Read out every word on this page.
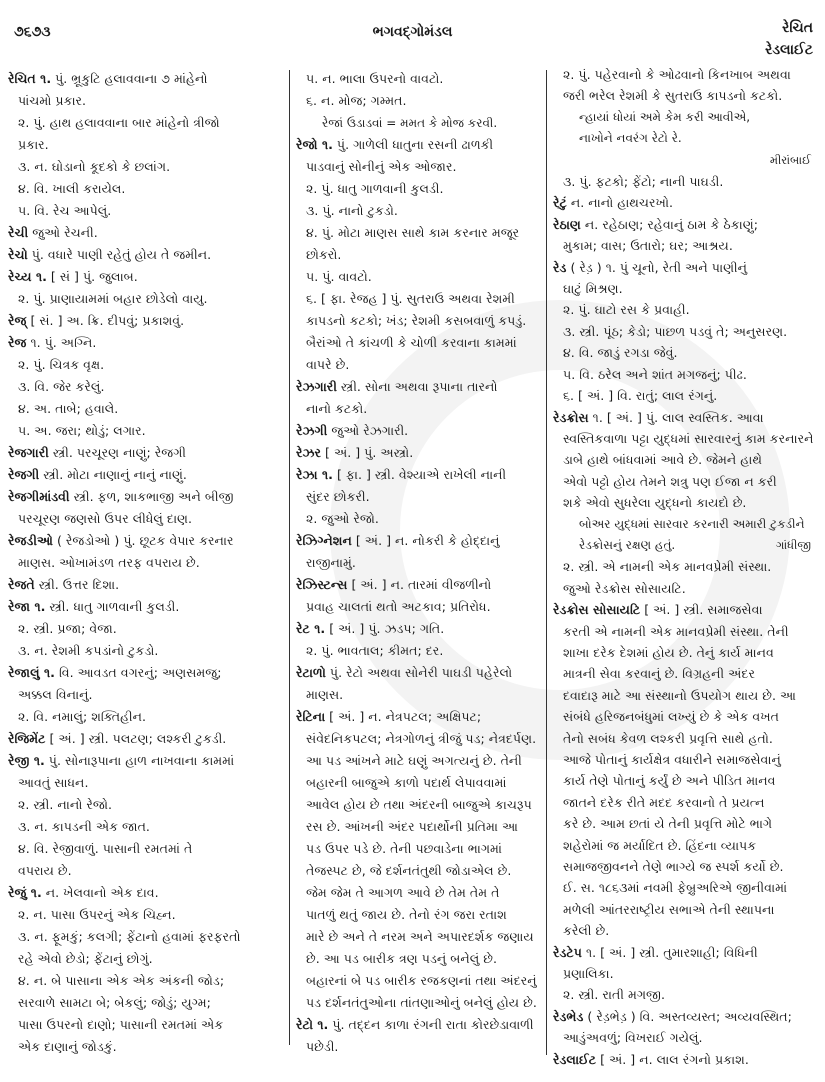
૭૬૭૩	ભગવદ્ગોમંડલ	રેચિત
રેડલાઈટ
રેચિત ૧. પું. ભ્રૂકુટિ હલાવવાના ૭ માંહેનો
પાંચમો પ્રકાર.
૨. પું. હાથ હલાવવાના બાર માંહેનો ત્રીજો
પ્રકાર.
૩. ન. ઘોડાનો કૂદકો કે છલાંગ.
૪. વિ. ખાલી કરાયેલ.
૫. વિ. રેચ આપેલું.
રેચી જુઓ રેચની.
રેચો પું. વધારે પાણી રહેતું હોય તે જમીન.
રેચ્ય ૧. [ સં ] પું. જુલાબ.
૨. પું. પ્રાણાયામમાં બહાર છોડેલો વાયુ.
રેજ્ [ સં. ] અ. ક્રિ. દીપવું; પ્રકાશવું.
રેજ ૧. પું. અગ્નિ.
૨. પું. ચિત્રક વૃક્ષ.
૩. વિ. જેર કરેલું.
૪. અ. તાબે; હવાલે.
૫. અ. જરા; થોડું; લગાર.
રેજગારી સ્ત્રી. પરચૂરણ નાણું; રેજગી
રેજગી સ્ત્રી. મોટા નાણાનું નાનું નાણું.
રેજગીમાંડવી સ્ત્રી. ફળ, શાકભાજી અને બીજી
પરચૂરણ જણસો ઉપર લીધેલું દાણ.
રેજડીઓ ( રેજડોઓ ) પું. છૂટક વેપાર કરનાર
માણસ. ઓખામંડળ તરફ વપરાય છે.
રેજતે સ્ત્રી. ઉત્તર દિશા.
રેજા ૧. સ્ત્રી. ધાતુ ગાળવાની કુલડી.
૨. સ્ત્રી. પ્રજા; વેજા.
૩. ન. રેશમી કપડાંનો ટુકડો.
રેજાલું ૧. વિ. આવડત વગરનું; અણસમજુ;
અક્કલ વિનાનું.
૨. વિ. નમાલું; શક્તિહીન.
રેજિમેંટ [ અં. ] સ્ત્રી. પલટણ; લશ્કરી ટુકડી.
રેજી ૧. પું. સોનારૂપાના હાળ નાખવાના કામમાં
આવતું સાધન.
૨. સ્ત્રી. નાનો રેજો.
૩. ન. કાપડની એક જાત.
૪. વિ. રેજીવાળું. પાસાની રમતમાં તે
વપરાય છે.
રેજું ૧. ન. ખેલવાનો એક દાવ.
૨. ન. પાસા ઉપરનું એક ચિહ્ન.
૩. ન. ફૂમકું; કલગી; ફેંટાનો હવામાં ફરફરતો
રહે એવો છેડો; ફેંટાનું છોગું.
૪. ન. બે પાસાના એક એક અંકની જોડ;
સરવાળે સામટા બે; બેકલું; જોડું; યુગ્મ;
પાસા ઉપરનો દાણો; પાસાની રમતમાં એક
એક દાણાનું જોડકું.
૫. ન. ભાલા ઉપરનો વાવટો.
૬. ન. મોજ; ગમ્મત.
રેજાં ઉડાડવાં = મમત કે મોજ કરવી.
રેજો ૧. પું. ગાળેલી ધાતુના રસની ઢાળકી
પાડવાનું સોનીનું એક ઓજાર.
૨. પું. ધાતુ ગાળવાની કુલડી.
૩. પું. નાનો ટુકડો.
૪. પું. મોટા માણસ સાથે કામ કરનાર મજૂર
છોકરો.
૫. પું. વાવટો.
૬. [ ફા. રેજહ ] પું. સુતરાઉ અથવા રેશમી
કાપડનો કટકો; ખંડ; રેશમી કસબવાળું કપડું.
બૈરાંઓ તે કાંચળી કે ચોળી કરવાના કામમાં
વાપરે છે.
રેઝગારી સ્ત્રી. સોના અથવા રૂપાના તારનો
નાનો કટકો.
રેઝગી જુઓ રેઝગારી.
રેઝર [ અં. ] પું. અસ્ત્રો.
રેઝા ૧. [ ફા. ] સ્ત્રી. વેશ્યાએ રાખેલી નાની
સુંદર છોકરી.
૨. જુઓ રેજો.
રેઝિગ્નેશન [ અં. ] ન. નોકરી કે હોદ્દાનું
રાજીનામું.
રેઝિસ્ટન્સ [ અં. ] ન. તારમાં વીજળીનો
પ્રવાહ ચાલતાં થતો અટકાવ; પ્રતિરોધ.
રેટ ૧. [ અં. ] પું. ઝડપ; ગતિ.
૨. પું. ભાવતાલ; કીમત; દર.
રેટાળો પું. રેટો અથવા સોનેરી પાઘડી પહેરેલો
માણસ.
રેટિના [ અં. ] ન. નેત્રપટલ; અક્ષિપટ;
સંવેદનિકપટલ; નેત્રગોળનું ત્રીજું પડ; નેત્રદર્પણ.
આ પડ આંખને માટે ઘણું અગત્યનું છે. તેની
બહારની બાજુએ કાળો પદાર્થ લેપાવવામાં
આવેલ હોય છે તથા અંદરની બાજુએ કાચરૂપ
રસ છે. આંખની અંદર પદાર્થોની પ્રતિમા આ
પડ ઉપર પડે છે. તેની પછવાડેના ભાગમાં
તેજસ્પટ છે, જે દર્શનતંતુથી જોડાએલ છે.
જેમ જેમ તે આગળ આવે છે તેમ તેમ તે
પાતળું થતું જાય છે. તેનો રંગ જરા રતાશ
મારે છે અને તે નરમ અને અપારદર્શક જણાય
છે. આ પડ બારીક ત્રણ પડનું બનેલું છે.
બહારનાં બે પડ બારીક રજકણનાં તથા અંદરનું
પડ દર્શનતંતુઓના તાંતણાઓનું બનેલું હોય છે.
રેટો ૧. પું. તદ્દન કાળા રંગની રાતા કોરછેડાવાળી
પછેડી.
૨. પું. પહેરવાનો કે ઓઢવાનો કિનખાબ અથવા
જરી ભરેલ રેશમી કે સુતરાઉ કાપડનો કટકો.
ન્હાયાં ધોયાં અમે કેમ કરી આવીએ,
નાખોને નવરંગ રેટો રે.
મીરાંબાઈ
૩. પું. ફટકો; ફેંટો; નાની પાઘડી.
રેટું ન. નાનો હાથચરખો.
રેઠાણ ન. રહેઠાણ; રહેવાનું ઠામ કે ઠેકાણું;
મુકામ; વાસ; ઉતારો; ઘર; આશ્રય.
રેડ ( રેડ઼ ) ૧. પું ચૂનો, રેતી અને પાણીનું
ઘાટું મિશ્રણ.
૨. પું. ઘાટો રસ કે પ્રવાહી.
૩. સ્ત્રી. પૂંઠ; કેડો; પાછળ પડવું તે; અનુસરણ.
૪. વિ. જાડું રગડા જેવું.
૫. વિ. ઠરેલ અને શાંત મગજનું; પીઢ.
૬. [ અં. ] વિ. રાતું; લાલ રંગનું.
રેડક્રોસ ૧. [ અં. ] પું. લાલ સ્વસ્તિક. આવા
સ્વસ્તિકવાળા પટ્ટા યુદ્ધમાં સારવારનું કામ કરનારને
ડાબે હાથે બાંધવામાં આવે છે. જેમને હાથે
એવો પટ્ટો હોય તેમને શત્રુ પણ ઈજા ન કરી
શકે એવો સુધરેલા યુદ્ધનો કાયદો છે.
બોઅર યુદ્ધમાં સારવાર કરનારી અમારી ટુકડીને
ગાંધીજી
રેડક્રોસનું રક્ષણ હતું.
૨. સ્ત્રી. એ નામની એક માનવપ્રેમી સંસ્થા.
જુઓ રેડક્રોસ સોસાયટિ.
રેડક્રોસ સોસાયટિ [ અં. ] સ્ત્રી. સમાજસેવા
કરતી એ નામની એક માનવપ્રેમી સંસ્થા. તેની
શાખા દરેક દેશમાં હોય છે. તેનું કાર્ય માનવ
માત્રની સેવા કરવાનું છે. વિગ્રહની અંદર
દવાદારૂ માટે આ સંસ્થાનો ઉપયોગ થાય છે. આ
સંબંધે હરિજનબંધુમાં લખ્યું છે કે એક વખત
તેનો સબંધ કેવળ લશ્કરી પ્રવૃત્તિ સાથે હતો.
આજે પોતાનું કાર્યક્ષેત્ર વધારીને સમાજસેવાનું
કાર્ય તેણે પોતાનું કર્યું છે અને પીડિત માનવ
જાતને દરેક રીતે મદદ કરવાનો તે પ્રયત્ન
કરે છે. આમ છતાં યે તેની પ્રવૃત્તિ મોટે ભાગે
શહેરોમાં જ મર્યાદિત છે. હિંદના વ્યાપક
સમાજજીવનને તેણે ભાગ્યે જ સ્પર્શ કર્યો છે.
ઈ. સ. ૧૮૬૩માં નવમી ફેબ્રુઅરિએ જીનીવામાં
મળેલી આંતરરાષ્ટ્રીય સભાએ તેની સ્થાપના
કરેલી છે.
રેડટેપ ૧. [ અં. ] સ્ત્રી. તુમારશાહી; વિધિની
પ્રણાલિકા.
૨. સ્ત્રી. રાતી મગજી.
રેડભેડ ( રેડ઼ભેડ઼ ) વિ. અસ્તવ્યસ્ત; અવ્યવસ્થિત;
આડુંઅવળું; વિખરાઈ ગયેલું.
રેડલાઈટ [ અં. ] ન. લાલ રંગનો પ્રકાશ.
